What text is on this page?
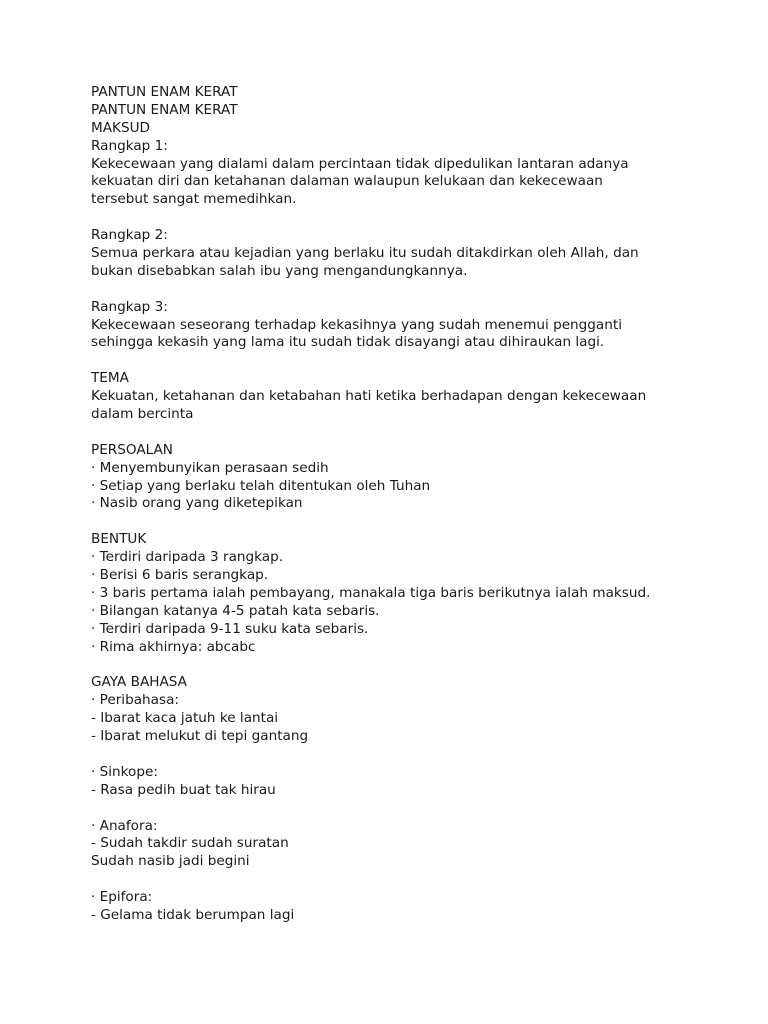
PANTUN ENAM KERAT
PANTUN ENAM KERAT
MAKSUD
Rangkap 1:
Kekecewaan yang dialami dalam percintaan tidak dipedulikan lantaran adanya
kekuatan diri dan ketahanan dalaman walaupun kelukaan dan kekecewaan
tersebut sangat memedihkan.
Rangkap 2:
Semua perkara atau kejadian yang berlaku itu sudah ditakdirkan oleh Allah, dan
bukan disebabkan salah ibu yang mengandungkannya.
Rangkap 3:
Kekecewaan seseorang terhadap kekasihnya yang sudah menemui pengganti
sehingga kekasih yang lama itu sudah tidak disayangi atau dihiraukan lagi.
TEMA
Kekuatan, ketahanan dan ketabahan hati ketika berhadapan dengan kekecewaan
dalam bercinta
PERSOALAN
· Menyembunyikan perasaan sedih
· Setiap yang berlaku telah ditentukan oleh Tuhan
· Nasib orang yang diketepikan
BENTUK
· Terdiri daripada 3 rangkap.
· Berisi 6 baris serangkap.
· 3 baris pertama ialah pembayang, manakala tiga baris berikutnya ialah maksud.
· Bilangan katanya 4-5 patah kata sebaris.
· Terdiri daripada 9-11 suku kata sebaris.
· Rima akhirnya: abcabc
GAYA BAHASA
· Peribahasa:
- Ibarat kaca jatuh ke lantai
- Ibarat melukut di tepi gantang
· Sinkope:
- Rasa pedih buat tak hirau
· Anafora:
- Sudah takdir sudah suratan
Sudah nasib jadi begini
· Epifora:
- Gelama tidak berumpan lagi
